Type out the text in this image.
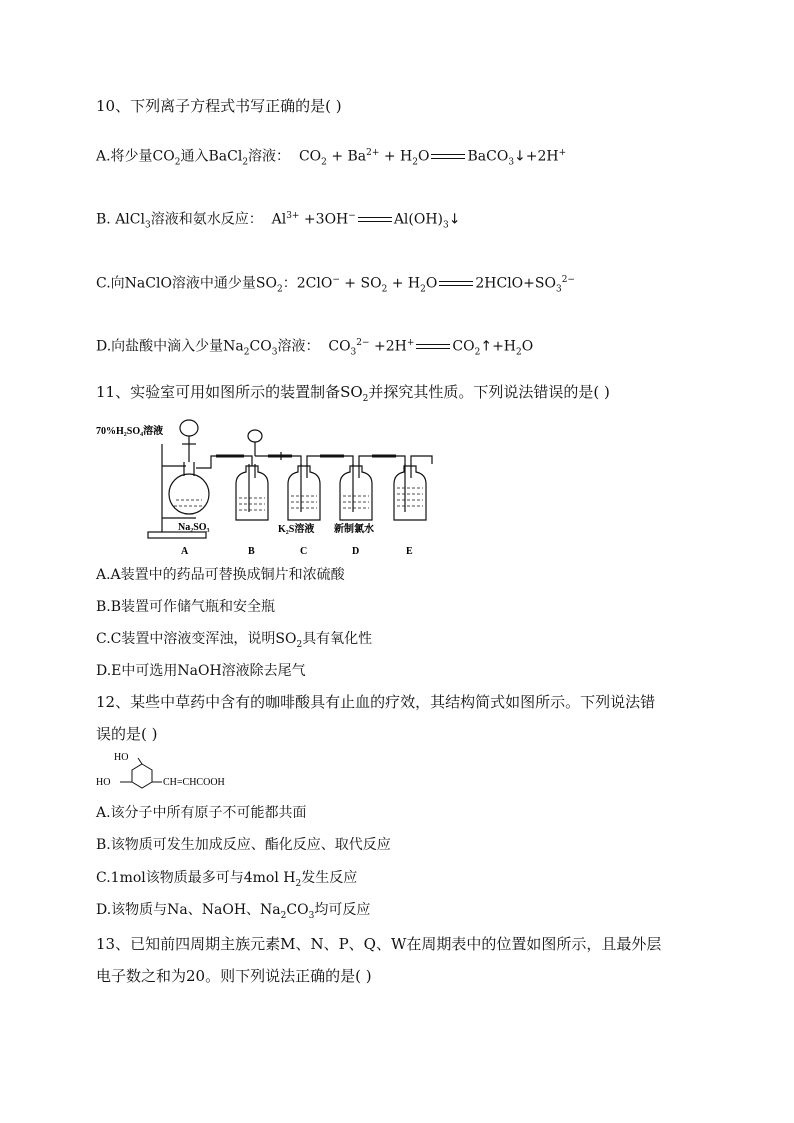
10、下列离子方程式书写正确的是( )
A.将少量$CO_2$通入BaCl$_2$溶液：  $CO_2 + Ba^{2+} + H_2O$	BaCO$_3$↓+2H+
B. AlCl$_3$溶液和氨水反应：  $Al^{3+} +3OH^-$	$Al(OH)_3↓$
C.向NaClO溶液中通少量$SO_2$：$2ClO^- + SO_2 + H_2O$	$2HClO+SO_3^{2-}$
D.向盐酸中滴入少量$Na_2CO_3$溶液：  $CO_3^{2-} +2H^+$	$CO_2↑+H_2O$
11、实验室可用如图所示的装置制备$SO_2$并探究其性质。下列说法错误的是( )
70%H₂SO₄溶液
Na₂SO₃	K₂S溶液 新制氯水
A	B	C	D	E
A.A装置中的药品可替换成铜片和浓硫酸
B.B装置可作储气瓶和安全瓶
C.C装置中溶液变浑浊，说明$SO_2$具有氧化性
D.E中可选用NaOH溶液除去尾气
12、某些中草药中含有的咖啡酸具有止血的疗效，其结构简式如图所示。下列说法错
误的是( )
HO
HO	CH=CHCOOH
A.该分子中所有原子不可能都共面
B.该物质可发生加成反应、酯化反应、取代反应
C.1mol该物质最多可与4mol $H_2$发生反应
D.该物质与Na、NaOH、$Na_2CO_3$均可反应
13、已知前四周期主族元素M、N、P、Q、W在周期表中的位置如图所示，且最外层
电子数之和为20。则下列说法正确的是( )
